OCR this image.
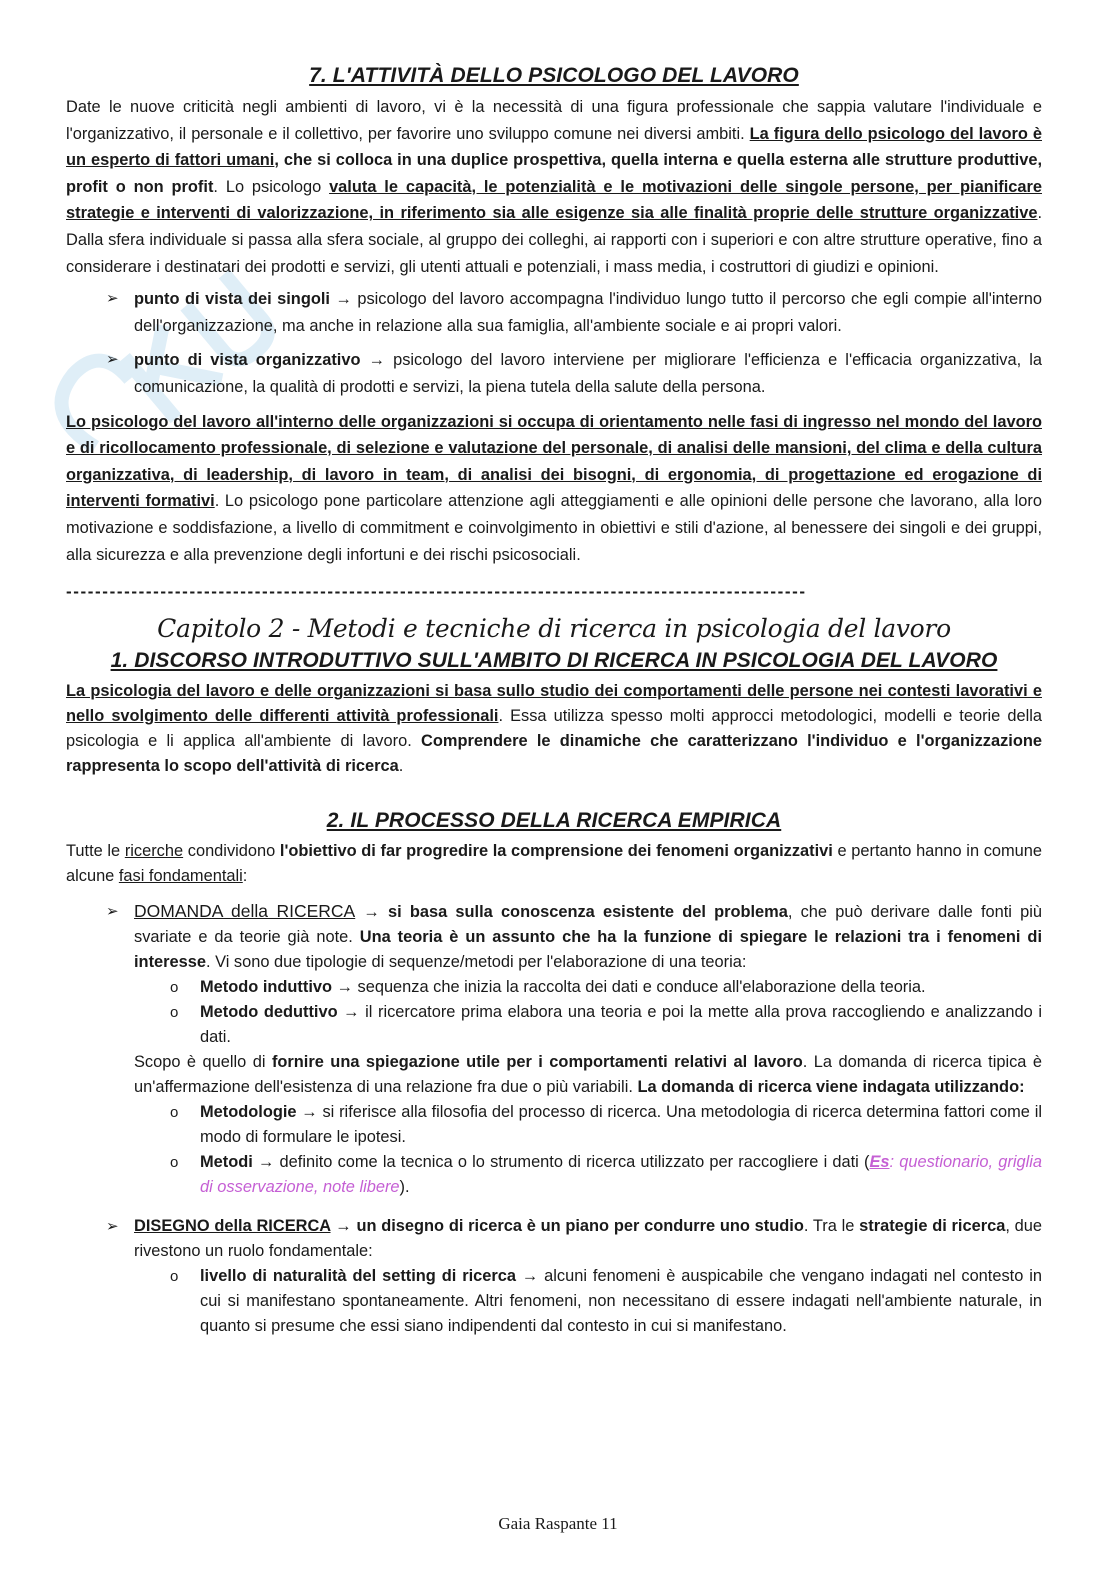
7. L'ATTIVITÀ DELLO PSICOLOGO DEL LAVORO

Date le nuove criticità negli ambienti di lavoro, vi è la necessità di una figura professionale che sappia valutare l'individuale e l'organizzativo, il personale e il collettivo, per favorire uno sviluppo comune nei diversi ambiti. La figura dello psicologo del lavoro è un esperto di fattori umani, che si colloca in una duplice prospettiva, quella interna e quella esterna alle strutture produttive, profit o non profit. Lo psicologo valuta le capacità, le potenzialità e le motivazioni delle singole persone, per pianificare strategie e interventi di valorizzazione, in riferimento sia alle esigenze sia alle finalità proprie delle strutture organizzative. Dalla sfera individuale si passa alla sfera sociale, al gruppo dei colleghi, ai rapporti con i superiori e con altre strutture operative, fino a considerare i destinatari dei prodotti e servizi, gli utenti attuali e potenziali, i mass media, i costruttori di giudizi e opinioni.

➢ punto di vista dei singoli → psicologo del lavoro accompagna l'individuo lungo tutto il percorso che egli compie all'interno dell'organizzazione, ma anche in relazione alla sua famiglia, all'ambiente sociale e ai propri valori.
➢ punto di vista organizzativo → psicologo del lavoro interviene per migliorare l'efficienza e l'efficacia organizzativa, la comunicazione, la qualità di prodotti e servizi, la piena tutela della salute della persona.

Lo psicologo del lavoro all'interno delle organizzazioni si occupa di orientamento nelle fasi di ingresso nel mondo del lavoro e di ricollocamento professionale, di selezione e valutazione del personale, di analisi delle mansioni, del clima e della cultura organizzativa, di leadership, di lavoro in team, di analisi dei bisogni, di ergonomia, di progettazione ed erogazione di interventi formativi. Lo psicologo pone particolare attenzione agli atteggiamenti e alle opinioni delle persone che lavorano, alla loro motivazione e soddisfazione, a livello di commitment e coinvolgimento in obiettivi e stili d'azione, al benessere dei singoli e dei gruppi, alla sicurezza e alla prevenzione degli infortuni e dei rischi psicosociali.

------------------------------------------------------------------------------------------------------
Capitolo 2 - Metodi e tecniche di ricerca in psicologia del lavoro
1. DISCORSO INTRODUTTIVO SULL'AMBITO DI RICERCA IN PSICOLOGIA DEL LAVORO

La psicologia del lavoro e delle organizzazioni si basa sullo studio dei comportamenti delle persone nei contesti lavorativi e nello svolgimento delle differenti attività professionali. Essa utilizza spesso molti approcci metodologici, modelli e teorie della psicologia e li applica all'ambiente di lavoro. Comprendere le dinamiche che caratterizzano l'individuo e l'organizzazione rappresenta lo scopo dell'attività di ricerca.

2. IL PROCESSO DELLA RICERCA EMPIRICA

Tutte le ricerche condividono l'obiettivo di far progredire la comprensione dei fenomeni organizzativi e pertanto hanno in comune alcune fasi fondamentali:

➢ DOMANDA della RICERCA → si basa sulla conoscenza esistente del problema, che può derivare dalle fonti più svariate e da teorie già note. Una teoria è un assunto che ha la funzione di spiegare le relazioni tra i fenomeni di interesse. Vi sono due tipologie di sequenze/metodi per l'elaborazione di una teoria:
o Metodo induttivo → sequenza che inizia la raccolta dei dati e conduce all'elaborazione della teoria.
o Metodo deduttivo → il ricercatore prima elabora una teoria e poi la mette alla prova raccogliendo e analizzando i dati.
Scopo è quello di fornire una spiegazione utile per i comportamenti relativi al lavoro. La domanda di ricerca tipica è un'affermazione dell'esistenza di una relazione fra due o più variabili. La domanda di ricerca viene indagata utilizzando:
o Metodologie → si riferisce alla filosofia del processo di ricerca. Una metodologia di ricerca determina fattori come il modo di formulare le ipotesi.
o Metodi → definito come la tecnica o lo strumento di ricerca utilizzato per raccogliere i dati (Es: questionario, griglia di osservazione, note libere).
➢ DISEGNO della RICERCA → un disegno di ricerca è un piano per condurre uno studio. Tra le strategie di ricerca, due rivestono un ruolo fondamentale:
o livello di naturalità del setting di ricerca → alcuni fenomeni è auspicabile che vengano indagati nel contesto in cui si manifestano spontaneamente. Altri fenomeni, non necessitano di essere indagati nell'ambiente naturale, in quanto si presume che essi siano indipendenti dal contesto in cui si manifestano.
Gaia Raspante 11
